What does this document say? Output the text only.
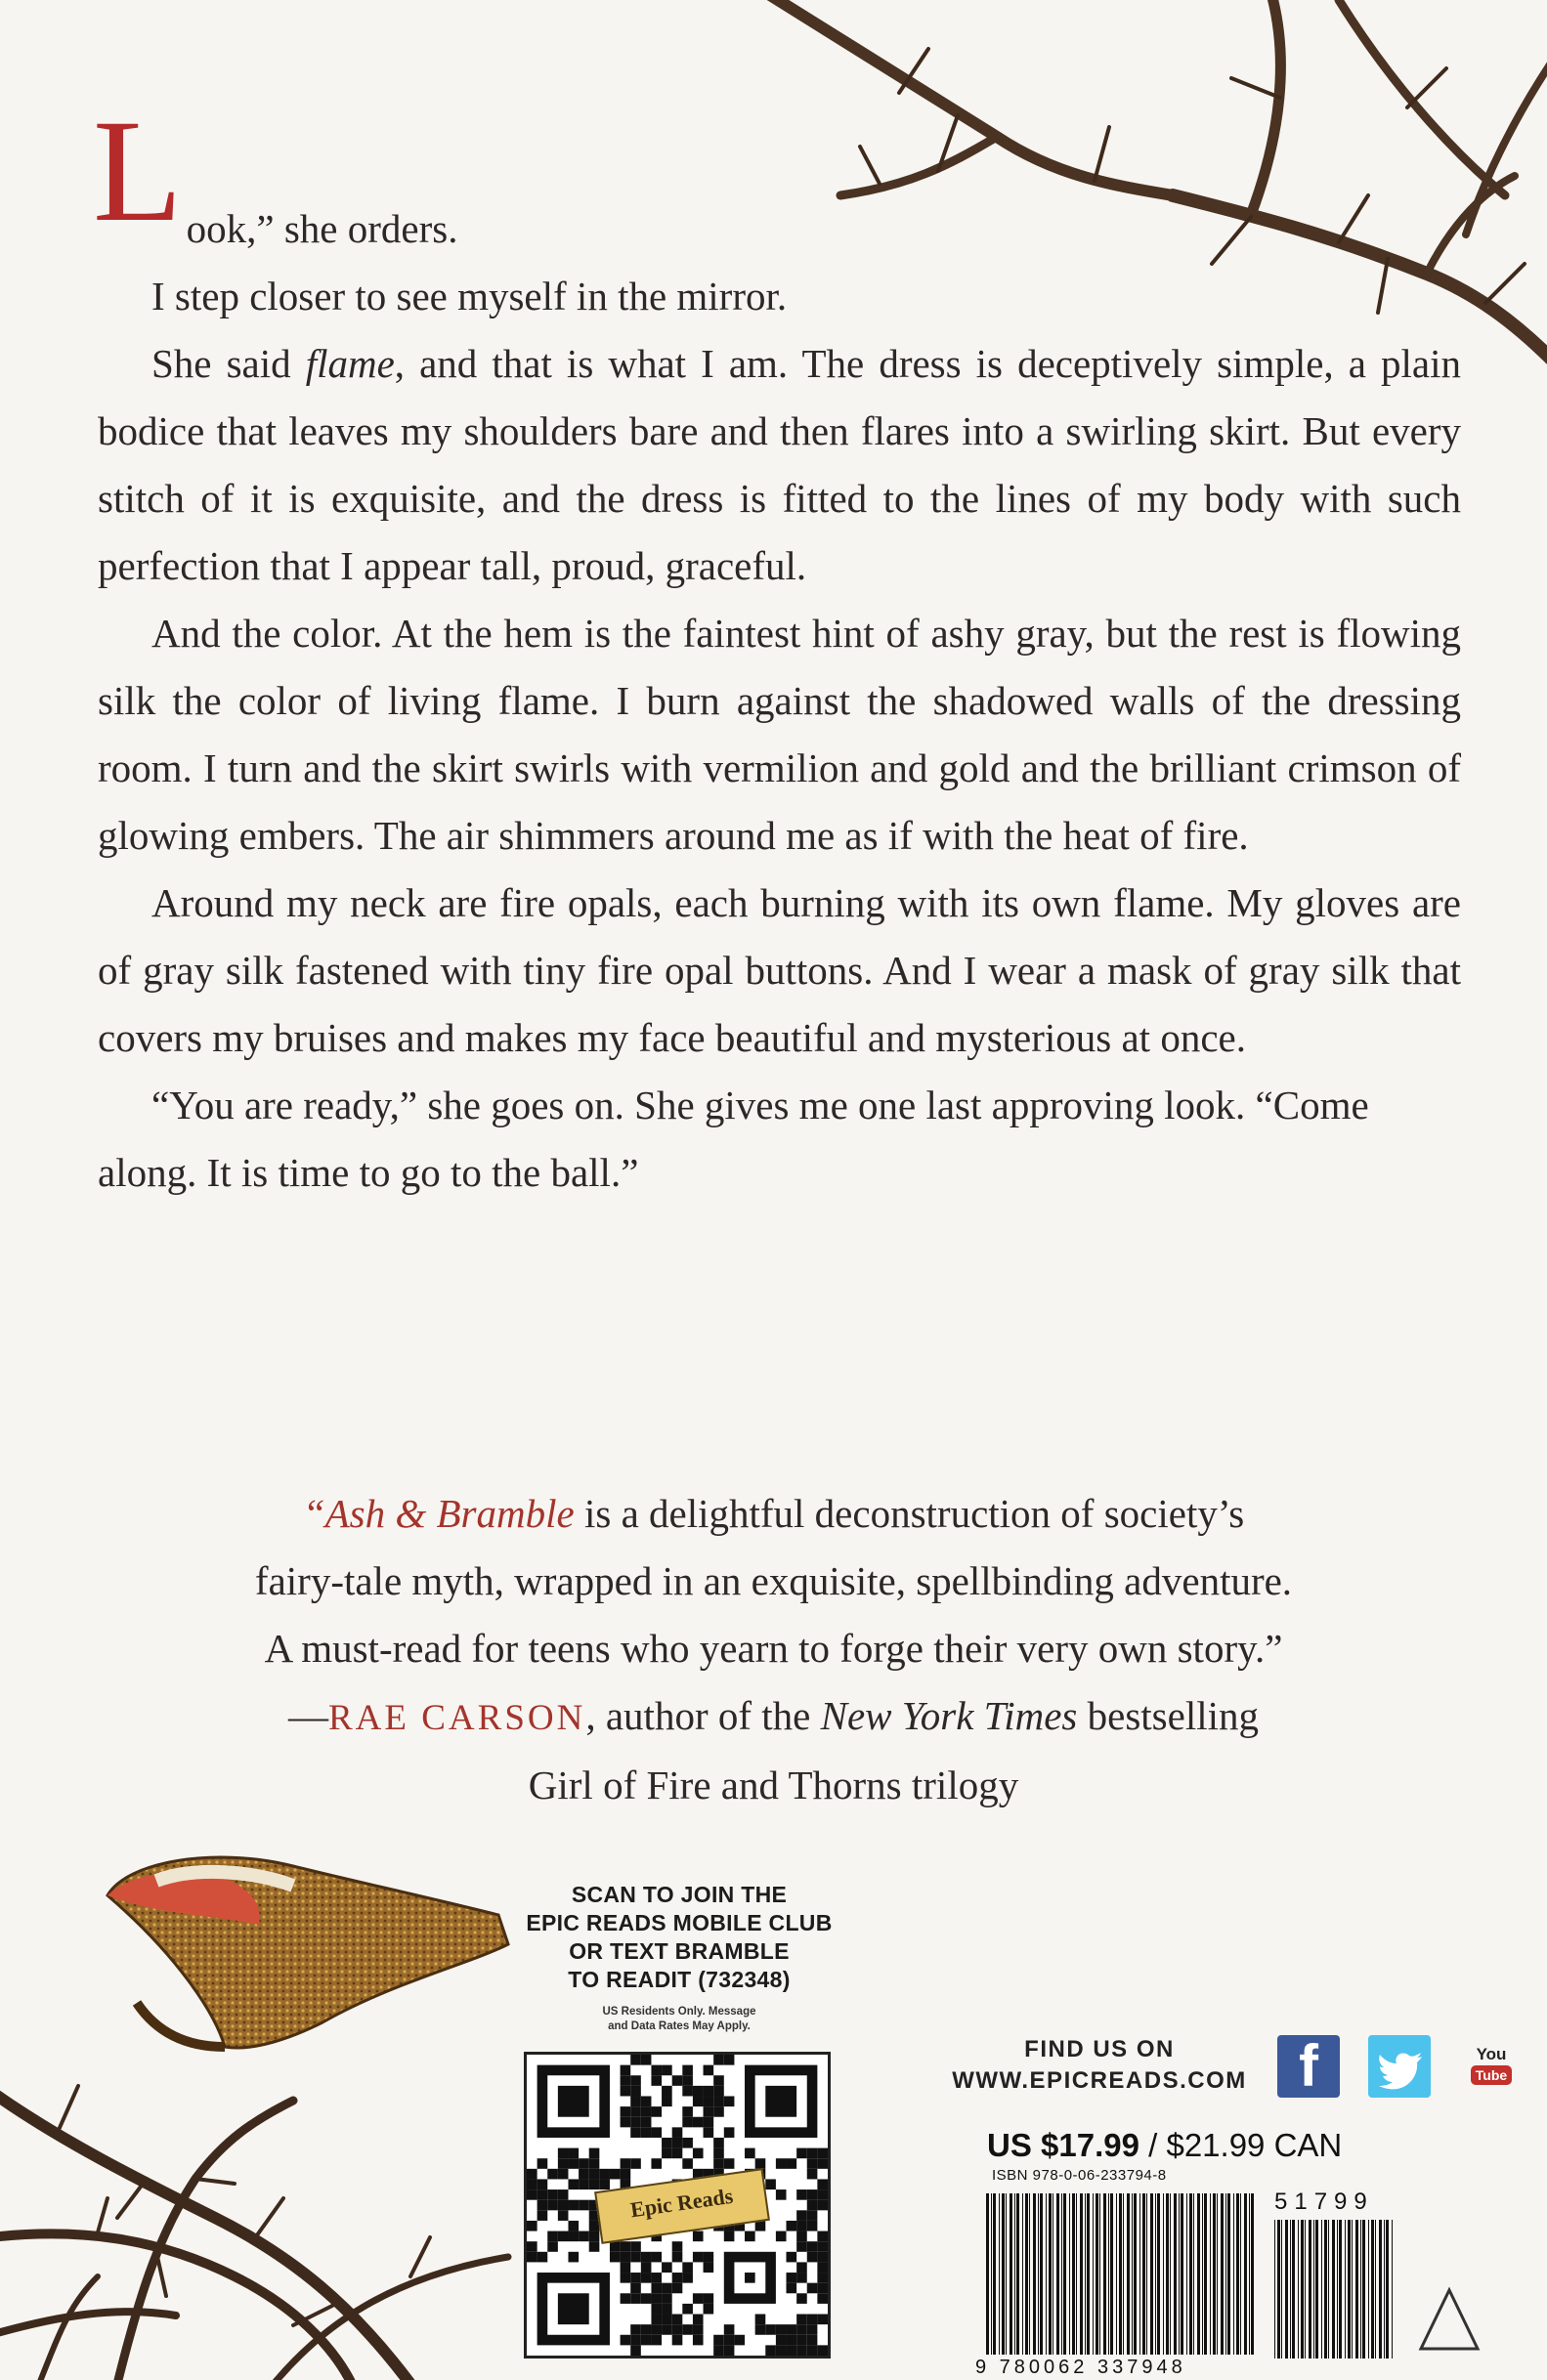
L ook,” she orders.

I step closer to see myself in the mirror.

She said flame, and that is what I am. The dress is deceptively simple, a plain bodice that leaves my shoulders bare and then flares into a swirling skirt. But every stitch of it is exquisite, and the dress is fitted to the lines of my body with such perfection that I appear tall, proud, graceful.

And the color. At the hem is the faintest hint of ashy gray, but the rest is flowing silk the color of living flame. I burn against the shadowed walls of the dressing room. I turn and the skirt swirls with vermilion and gold and the brilliant crimson of glowing embers. The air shimmers around me as if with the heat of fire.

Around my neck are fire opals, each burning with its own flame. My gloves are of gray silk fastened with tiny fire opal buttons. And I wear a mask of gray silk that covers my bruises and makes my face beautiful and mysterious at once.

“You are ready,” she goes on. She gives me one last approving look. “Come along. It is time to go to the ball.”

“Ash & Bramble is a delightful deconstruction of society’s
fairy-tale myth, wrapped in an exquisite, spellbinding adventure.
A must-read for teens who yearn to forge their very own story.”
—RAE CARSON, author of the New York Times bestselling
Girl of Fire and Thorns trilogy
SCAN TO JOIN THE
EPIC READS MOBILE CLUB
OR TEXT BRAMBLE
TO READIT (732348)
US Residents Only. Message
and Data Rates May Apply.
Epic Reads
FIND US ON
WWW.EPICREADS.COM f	You
Tube
US $17.99 / $21.99 CAN
ISBN 978-0-06-233794-8
9 780062 337948
51799
